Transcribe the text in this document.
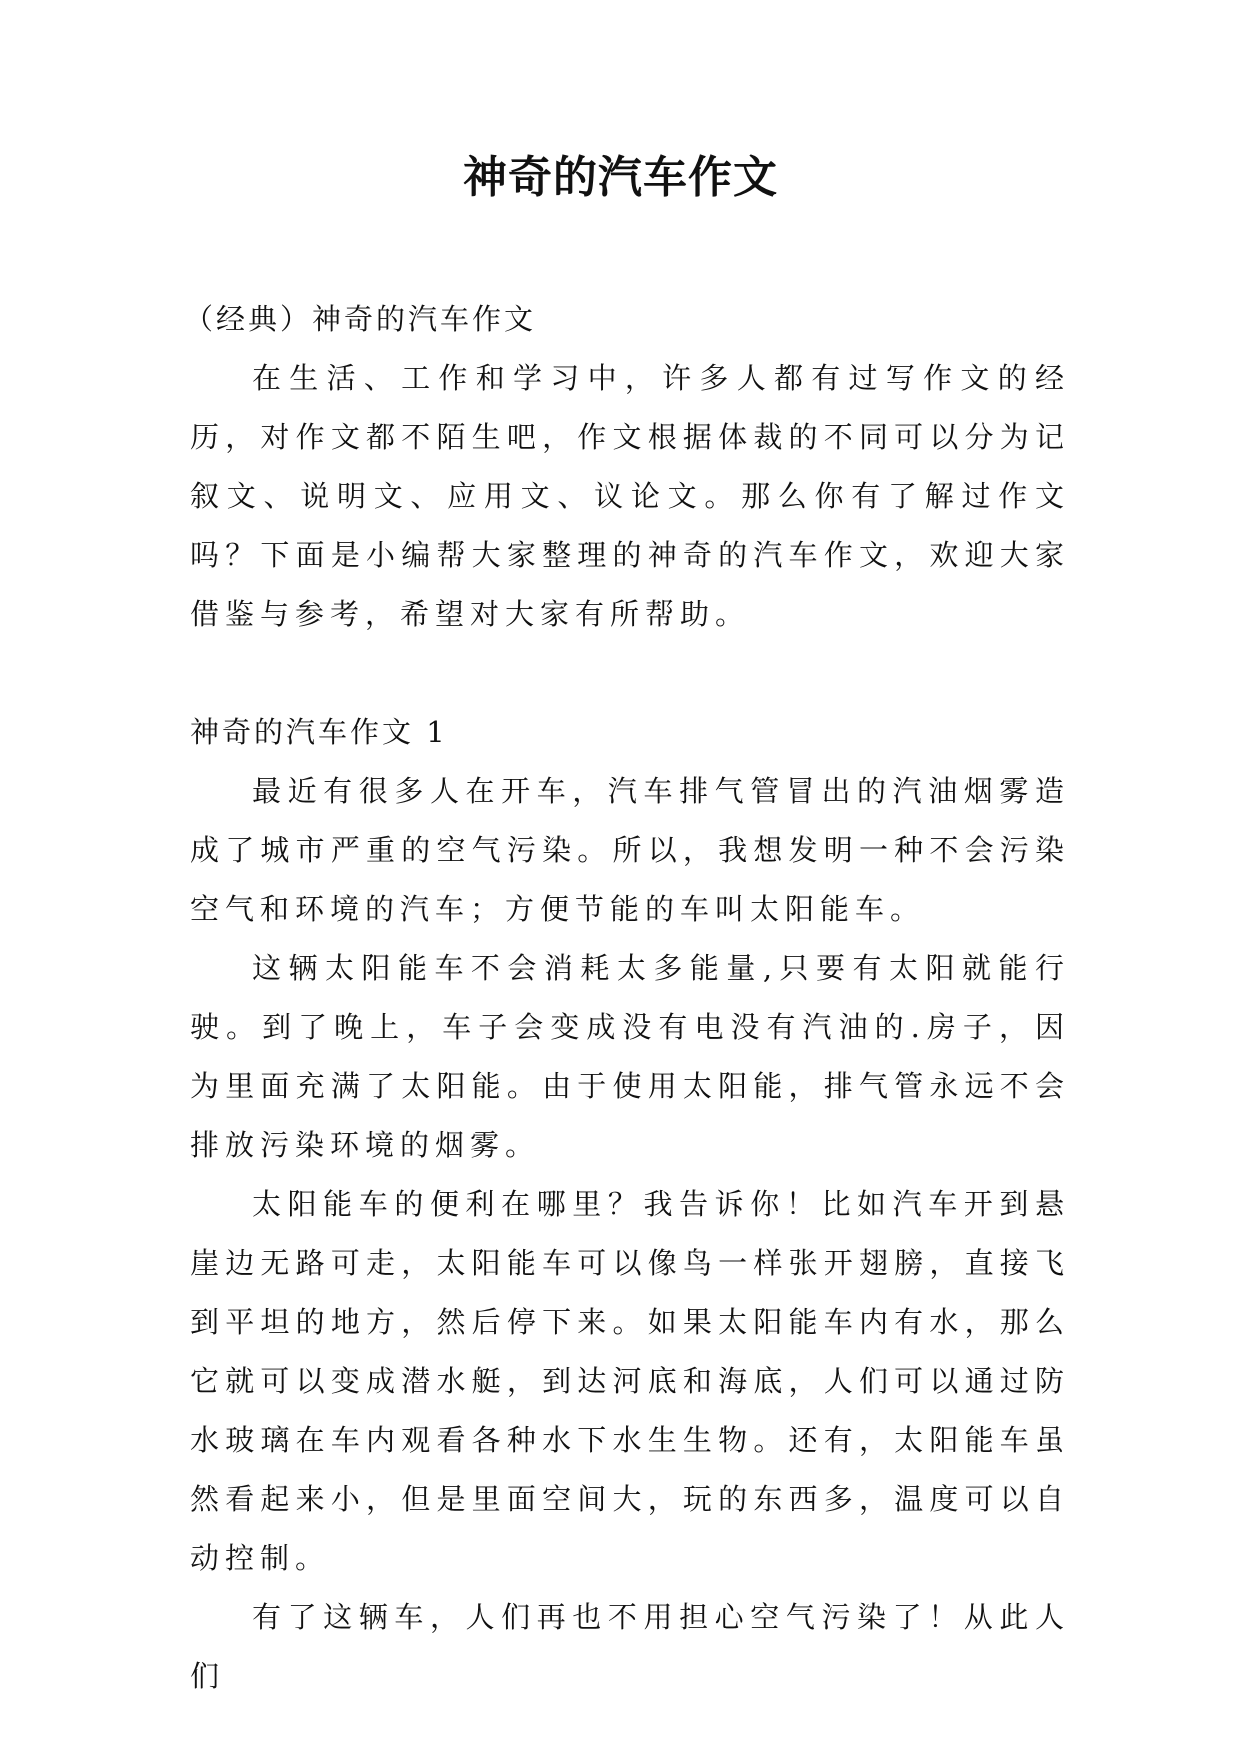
神奇的汽车作文

（经典）神奇的汽车作文

在生活、工作和学习中，许多人都有过写作文的经历，对作文都不陌生吧，作文根据体裁的不同可以分为记叙文、说明文、应用文、议论文。那么你有了解过作文吗？下面是小编帮大家整理的神奇的汽车作文，欢迎大家借鉴与参考，希望对大家有所帮助。

神奇的汽车作文 1

最近有很多人在开车，汽车排气管冒出的汽油烟雾造成了城市严重的空气污染。所以，我想发明一种不会污染空气和环境的汽车；方便节能的车叫太阳能车。

这辆太阳能车不会消耗太多能量,只要有太阳就能行驶。到了晚上，车子会变成没有电没有汽油的.房子，因为里面充满了太阳能。由于使用太阳能，排气管永远不会排放污染环境的烟雾。

太阳能车的便利在哪里？我告诉你！比如汽车开到悬崖边无路可走，太阳能车可以像鸟一样张开翅膀，直接飞到平坦的地方，然后停下来。如果太阳能车内有水，那么它就可以变成潜水艇，到达河底和海底，人们可以通过防水玻璃在车内观看各种水下水生生物。还有，太阳能车虽然看起来小，但是里面空间大，玩的东西多，温度可以自动控制。

有了这辆车，人们再也不用担心空气污染了！从此人们
